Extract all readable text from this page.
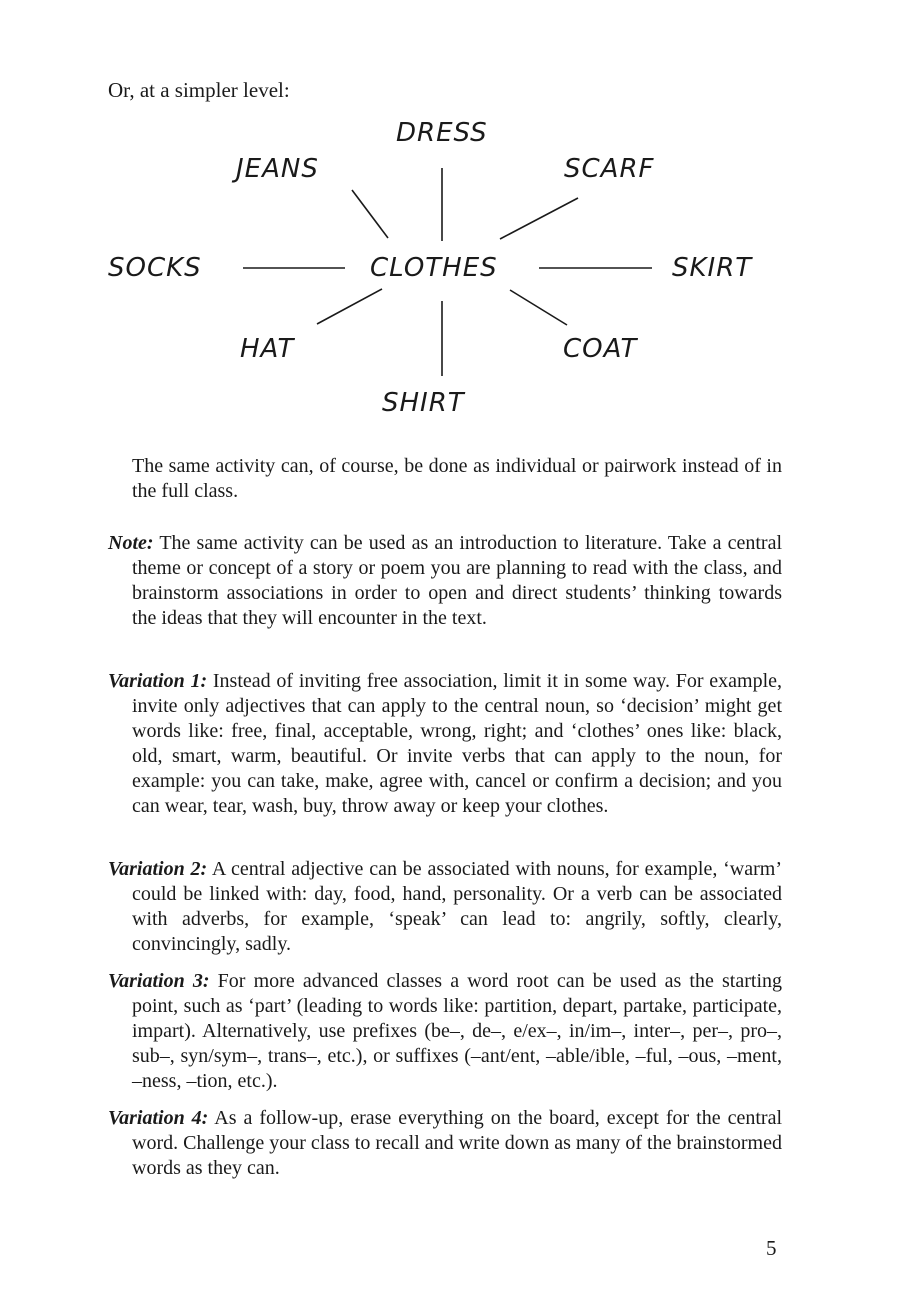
Or, at a simpler level:
DRESS
JEANS	SCARF
SOCKS	CLOTHES	SKIRT
HAT	COAT
SHIRT

The same activity can, of course, be done as individual or pairwork instead of in the full class.

Note: The same activity can be used as an introduction to literature. Take a central theme or concept of a story or poem you are planning to read with the class, and brainstorm associations in order to open and direct students’ thinking towards the ideas that they will encounter in the text.

Variation 1: Instead of inviting free association, limit it in some way. For example, invite only adjectives that can apply to the central noun, so ‘decision’ might get words like: free, final, acceptable, wrong, right; and ‘clothes’ ones like: black, old, smart, warm, beautiful. Or invite verbs that can apply to the noun, for example: you can take, make, agree with, cancel or confirm a decision; and you can wear, tear, wash, buy, throw away or keep your clothes.

Variation 2: A central adjective can be associated with nouns, for example, ‘warm’ could be linked with: day, food, hand, personality. Or a verb can be associated with adverbs, for example, ‘speak’ can lead to: angrily, softly, clearly, convincingly, sadly.

Variation 3: For more advanced classes a word root can be used as the starting point, such as ‘part’ (leading to words like: partition, depart, partake, participate, impart). Alternatively, use prefixes (be–, de–, e/ex–, in/im–, inter–, per–, pro–, sub–, syn/sym–, trans–, etc.), or suffixes (–ant/ent, –able/ible, –ful, –ous, –ment, –ness, –tion, etc.).

Variation 4: As a follow-up, erase everything on the board, except for the central word. Challenge your class to recall and write down as many of the brainstormed words as they can.

5
